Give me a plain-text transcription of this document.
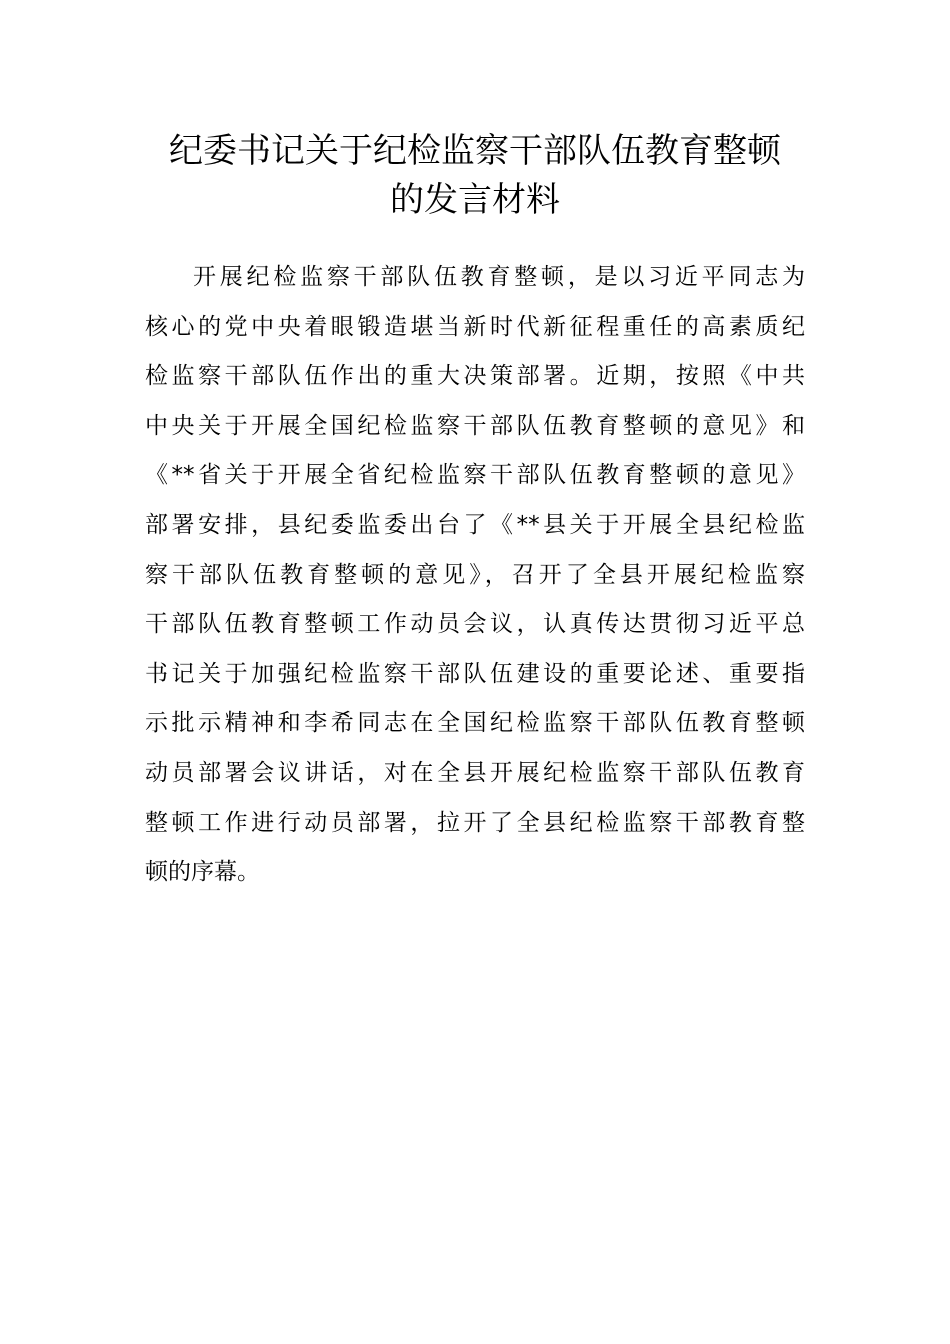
纪委书记关于纪检监察干部队伍教育整顿
的发言材料

开展纪检监察干部队伍教育整顿，是以习近平同志为
核心的党中央着眼锻造堪当新时代新征程重任的高素质纪
检监察干部队伍作出的重大决策部署。近期，按照《中共
中央关于开展全国纪检监察干部队伍教育整顿的意见》和
《**省关于开展全省纪检监察干部队伍教育整顿的意见》
部署安排，县纪委监委出台了《**县关于开展全县纪检监
察干部队伍教育整顿的意见》，召开了全县开展纪检监察
干部队伍教育整顿工作动员会议，认真传达贯彻习近平总
书记关于加强纪检监察干部队伍建设的重要论述、重要指
示批示精神和李希同志在全国纪检监察干部队伍教育整顿
动员部署会议讲话，对在全县开展纪检监察干部队伍教育
整顿工作进行动员部署，拉开了全县纪检监察干部教育整
顿的序幕。
